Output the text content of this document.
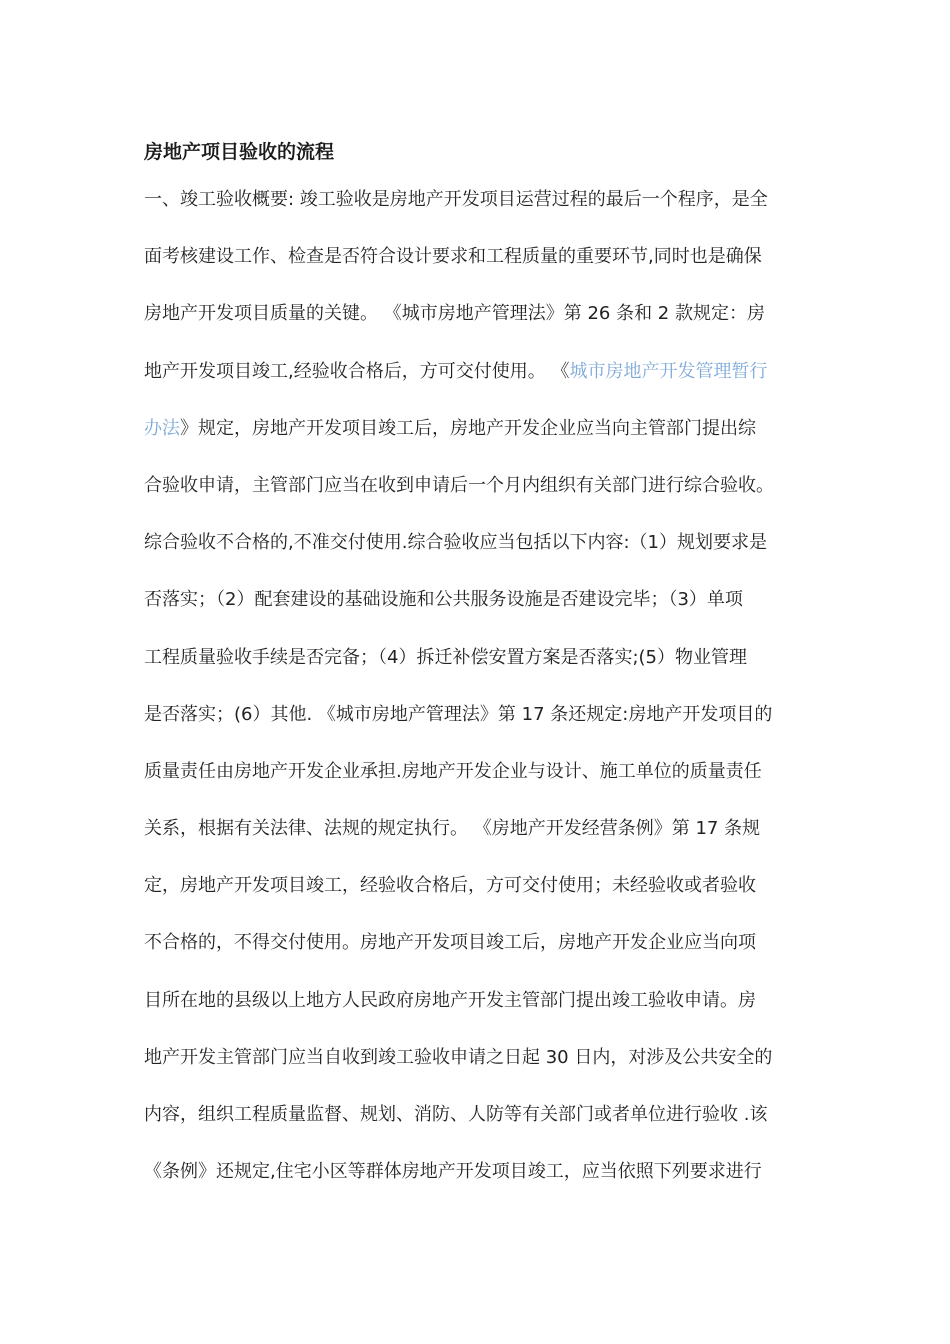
房地产项目验收的流程
一、竣工验收概要: 竣工验收是房地产开发项目运营过程的最后一个程序，是全
面考核建设工作、检查是否符合设计要求和工程质量的重要环节,同时也是确保
房地产开发项目质量的关键。 《城市房地产管理法》第 26 条和 2 款规定：房
地产开发项目竣工,经验收合格后，方可交付使用。 《城市房地产开发管理暂行
办法》规定，房地产开发项目竣工后，房地产开发企业应当向主管部门提出综
合验收申请，主管部门应当在收到申请后一个月内组织有关部门进行综合验收。
综合验收不合格的,不准交付使用.综合验收应当包括以下内容:（1）规划要求是
否落实；（2）配套建设的基础设施和公共服务设施是否建设完毕；（3）单项
工程质量验收手续是否完备；（4）拆迁补偿安置方案是否落实;(5）物业管理
是否落实；(6）其他. 《城市房地产管理法》第 17 条还规定:房地产开发项目的
质量责任由房地产开发企业承担.房地产开发企业与设计、施工单位的质量责任
关系，根据有关法律、法规的规定执行。 《房地产开发经营条例》第 17 条规
定，房地产开发项目竣工，经验收合格后，方可交付使用；未经验收或者验收
不合格的，不得交付使用。房地产开发项目竣工后，房地产开发企业应当向项
目所在地的县级以上地方人民政府房地产开发主管部门提出竣工验收申请。房
地产开发主管部门应当自收到竣工验收申请之日起 30 日内，对涉及公共安全的
内容，组织工程质量监督、规划、消防、人防等有关部门或者单位进行验收 .该
《条例》还规定,住宅小区等群体房地产开发项目竣工，应当依照下列要求进行
